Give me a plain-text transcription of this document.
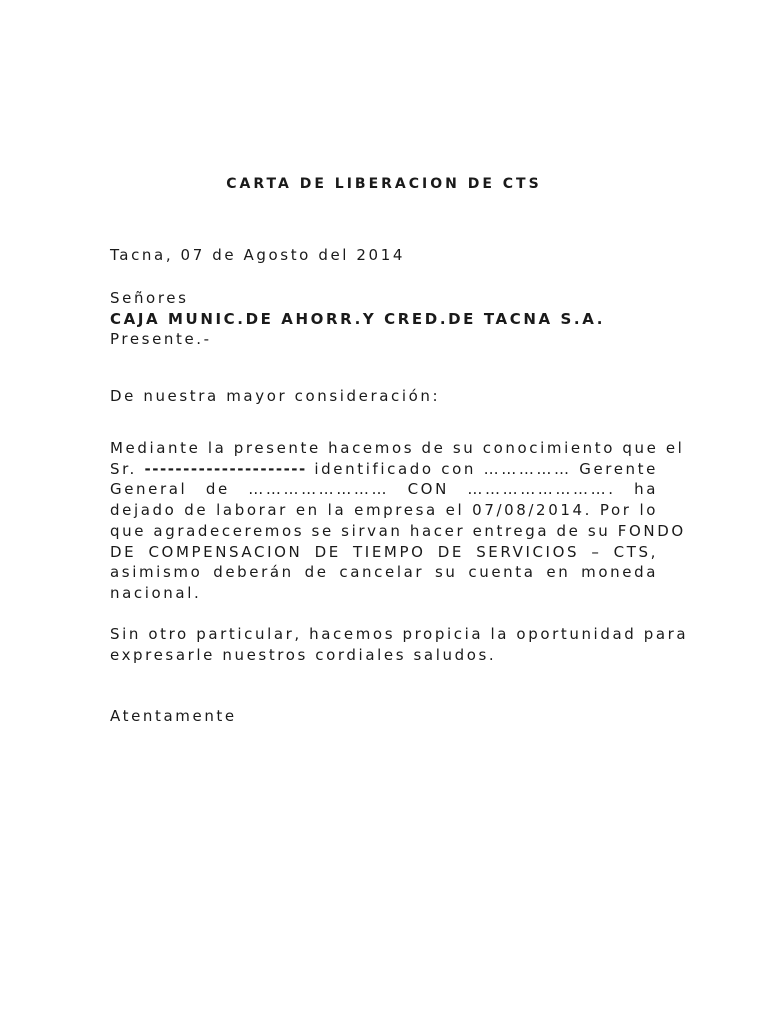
CARTA DE LIBERACION DE CTS
Tacna, 07 de Agosto del 2014
Señores
CAJA MUNIC.DE AHORR.Y CRED.DE TACNA S.A.
Presente.-
De nuestra mayor consideración:
Mediante la presente hacemos de su conocimiento que el
Sr. --------------------- identificado con …………… Gerente
General de …………………… CON ……………………. ha
dejado de laborar en la empresa el 07/08/2014. Por lo
que agradeceremos se sirvan hacer entrega de su FONDO
DE COMPENSACION DE TIEMPO DE SERVICIOS – CTS,
asimismo deberán de cancelar su cuenta en moneda
nacional.
Sin otro particular, hacemos propicia la oportunidad para
expresarle nuestros cordiales saludos.
Atentamente
